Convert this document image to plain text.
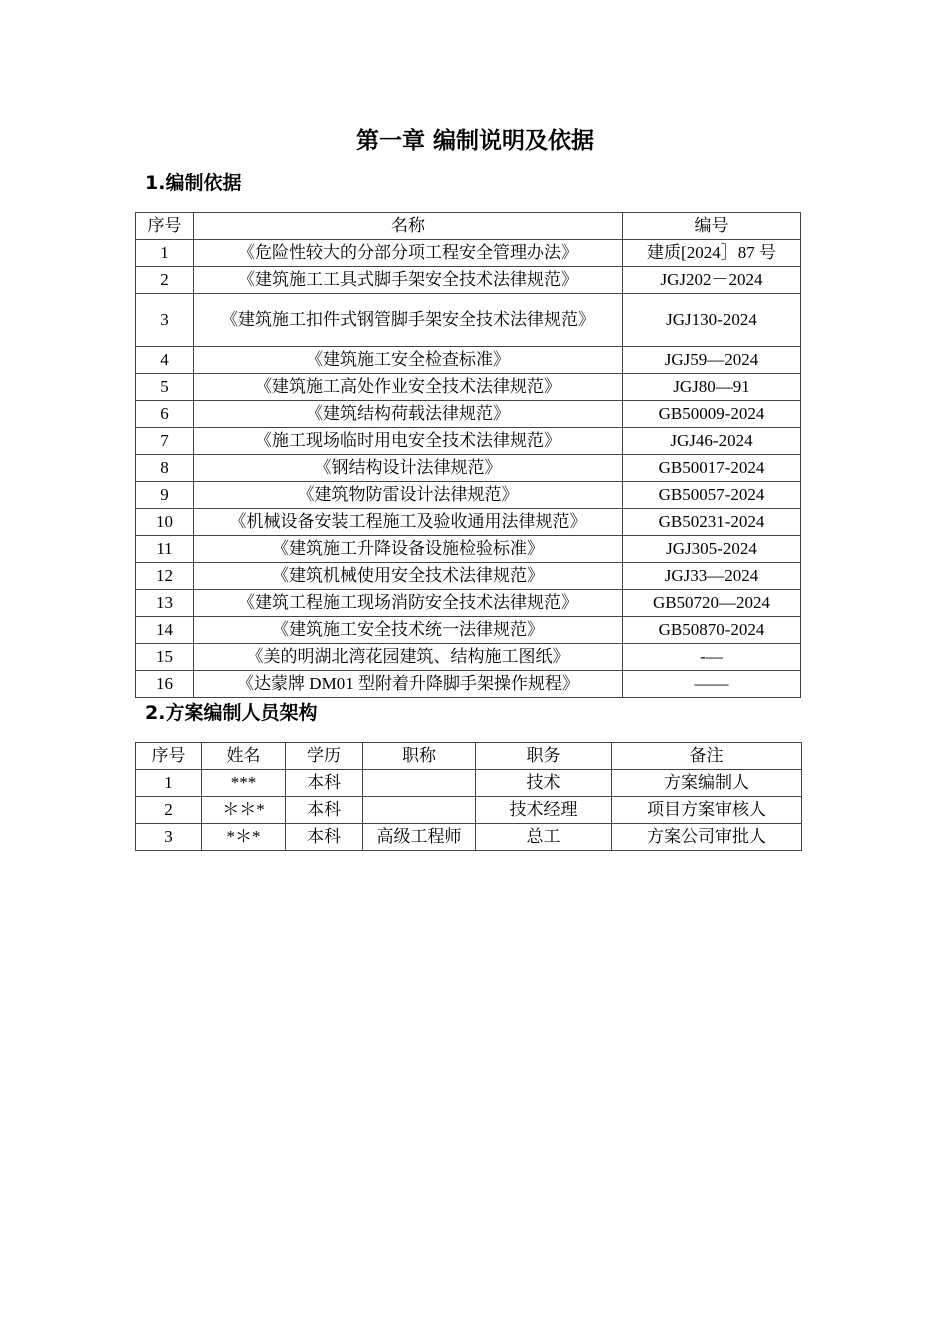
第一章 编制说明及依据
1.编制依据
序号	名称	编号
1	《危险性较大的分部分项工程安全管理办法》	建质[2024］87 号
2	《建筑施工工具式脚手架安全技术法律规范》	JGJ202－2024
3	《建筑施工扣件式钢管脚手架安全技术法律规范》	JGJ130-2024
4	《建筑施工安全检查标准》	JGJ59—2024
5	《建筑施工高处作业安全技术法律规范》	JGJ80—91
6	《建筑结构荷载法律规范》	GB50009-2024
7	《施工现场临时用电安全技术法律规范》	JGJ46-2024
8	《钢结构设计法律规范》	GB50017-2024
9	《建筑物防雷设计法律规范》	GB50057-2024
10	《机械设备安装工程施工及验收通用法律规范》	GB50231-2024
11	《建筑施工升降设备设施检验标准》	JGJ305-2024
12	《建筑机械使用安全技术法律规范》	JGJ33—2024
13	《建筑工程施工现场消防安全技术法律规范》	GB50720—2024
14	《建筑施工安全技术统一法律规范》	GB50870-2024
15	《美的明湖北湾花园建筑、结构施工图纸》	-—
16	《达蒙牌 DM01 型附着升降脚手架操作规程》	——
2.方案编制人员架构
序号	姓名	学历	职称	职务	备注
1	***	本科		技术	方案编制人
2	＊＊*	本科		技术经理	项目方案审核人
3	*＊*	本科	高级工程师	总工	方案公司审批人
